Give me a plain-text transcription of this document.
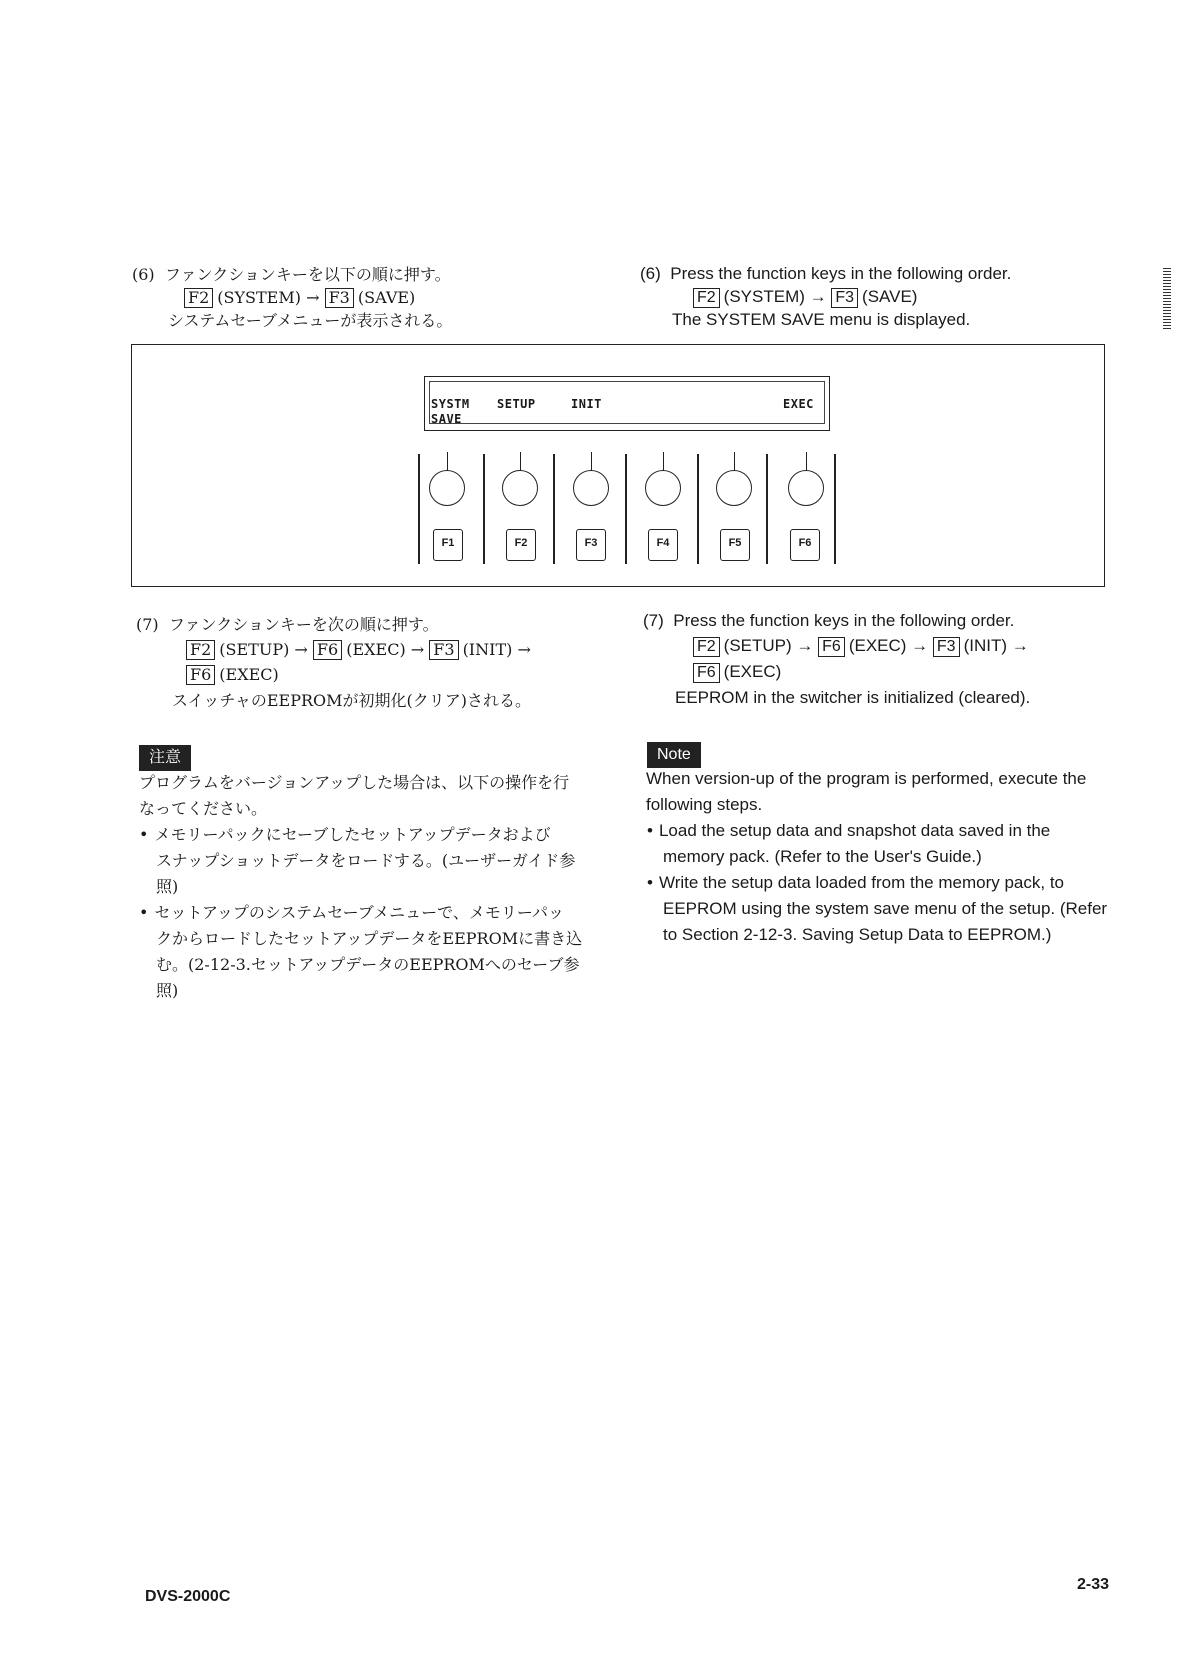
(6) ファンクションキーを以下の順に押す。
F2 (SYSTEM) → F3 (SAVE)
システムセーブメニューが表示される。
(6) Press the function keys in the following order.
F2 (SYSTEM) → F3 (SAVE)
The SYSTEM SAVE menu is displayed.
SYSTM SETUP	INIT	EXEC
SAVE
F1	F2	F3	F4	F5	F6
(7) ファンクションキーを次の順に押す。
F2 (SETUP) → F6 (EXEC) → F3 (INIT) →
F6 (EXEC)
スイッチャのEEPROMが初期化(クリア)される。
(7) Press the function keys in the following order.
F2 (SETUP) → F6 (EXEC) → F3 (INIT) →
F6 (EXEC)
EEPROM in the switcher is initialized (cleared).
注意
プログラムをバージョンアップした場合は、以下の操作を行
なってください。
• メモリーパックにセーブしたセットアップデータおよび
スナップショットデータをロードする。(ユーザーガイド参
照)
• セットアップのシステムセーブメニューで、メモリーパッ
クからロードしたセットアップデータをEEPROMに書き込
む。(2-12-3.セットアップデータのEEPROMへのセーブ参
照)
Note
When version-up of the program is performed, execute the
following steps.
• Load the setup data and snapshot data saved in the
memory pack. (Refer to the User's Guide.)
• Write the setup data loaded from the memory pack, to
EEPROM using the system save menu of the setup. (Refer
to Section 2-12-3. Saving Setup Data to EEPROM.)
DVS-2000C
2-33
